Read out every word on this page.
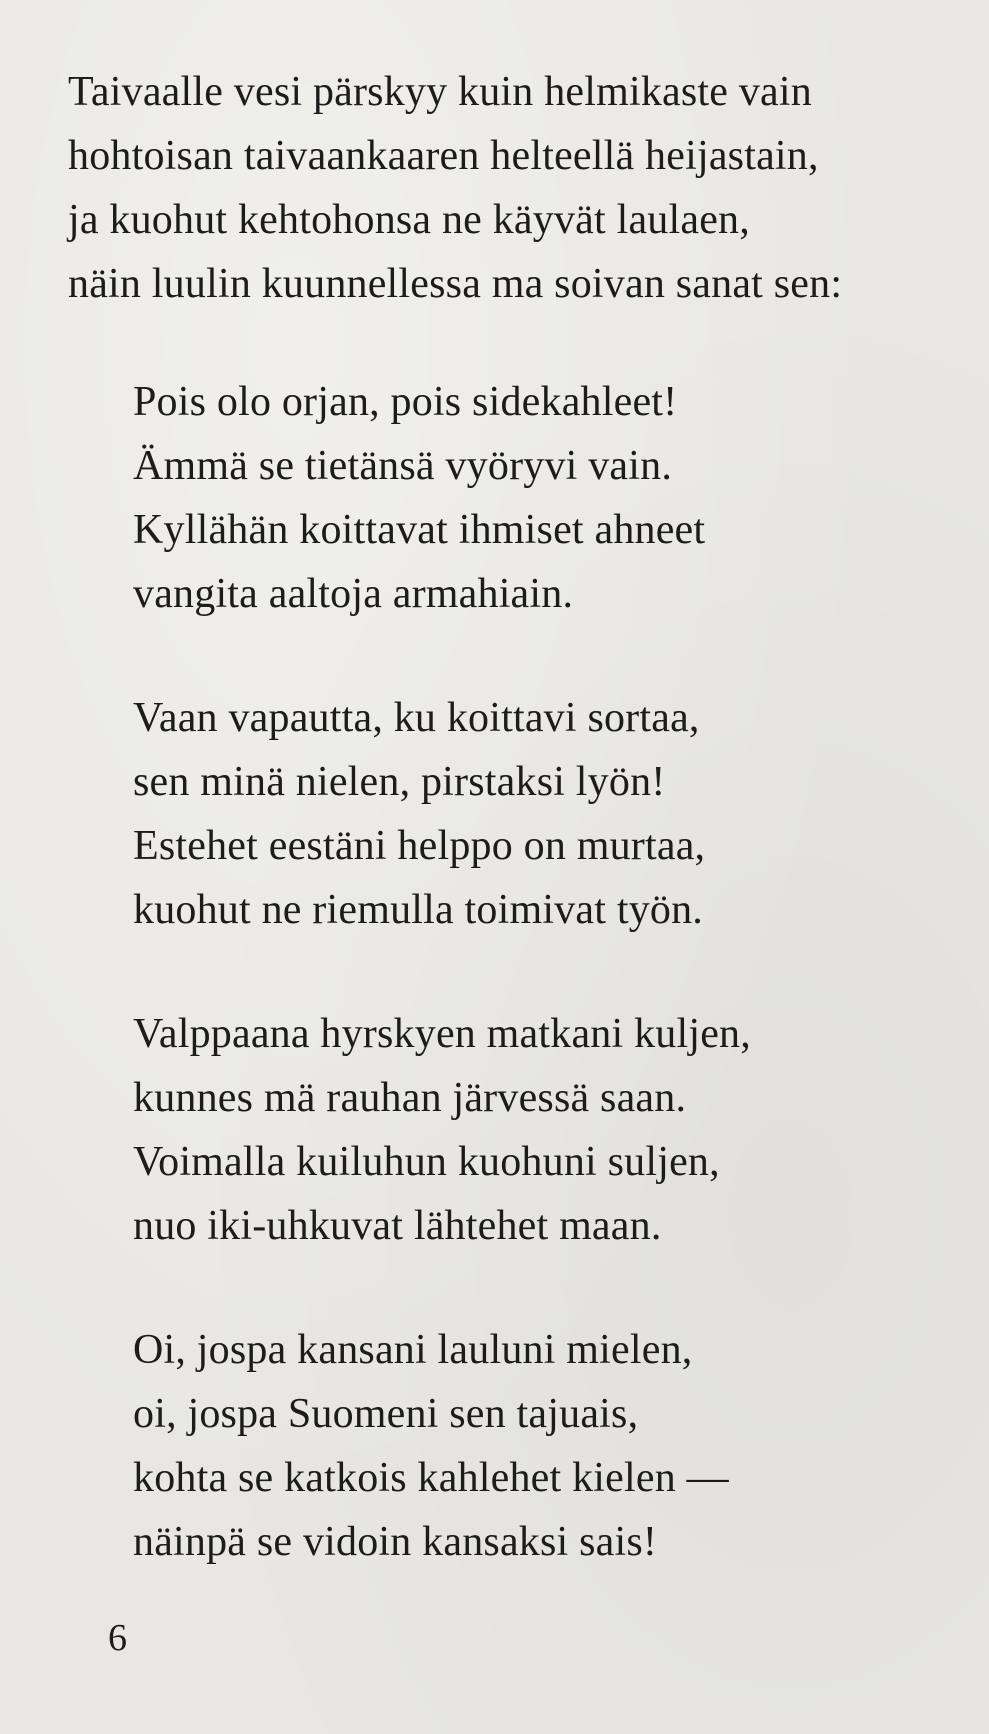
Taivaalle vesi pärskyy kuin helmikaste vain
hohtoisan taivaankaaren helteellä heijastain,
ja kuohut kehtohonsa ne käyvät laulaen,
näin luulin kuunnellessa ma soivan sanat sen:
Pois olo orjan, pois sidekahleet!
Ämmä se tietänsä vyöryvi vain.
Kyllähän koittavat ihmiset ahneet
vangita aaltoja armahiain.
Vaan vapautta, ku koittavi sortaa,
sen minä nielen, pirstaksi lyön!
Estehet eestäni helppo on murtaa,
kuohut ne riemulla toimivat työn.
Valppaana hyrskyen matkani kuljen,
kunnes mä rauhan järvessä saan.
Voimalla kuiluhun kuohuni suljen,
nuo iki-uhkuvat lähtehet maan.
Oi, jospa kansani lauluni mielen,
oi, jospa Suomeni sen tajuais,
kohta se katkois kahlehet kielen —
näinpä se vidoin kansaksi sais!
6
